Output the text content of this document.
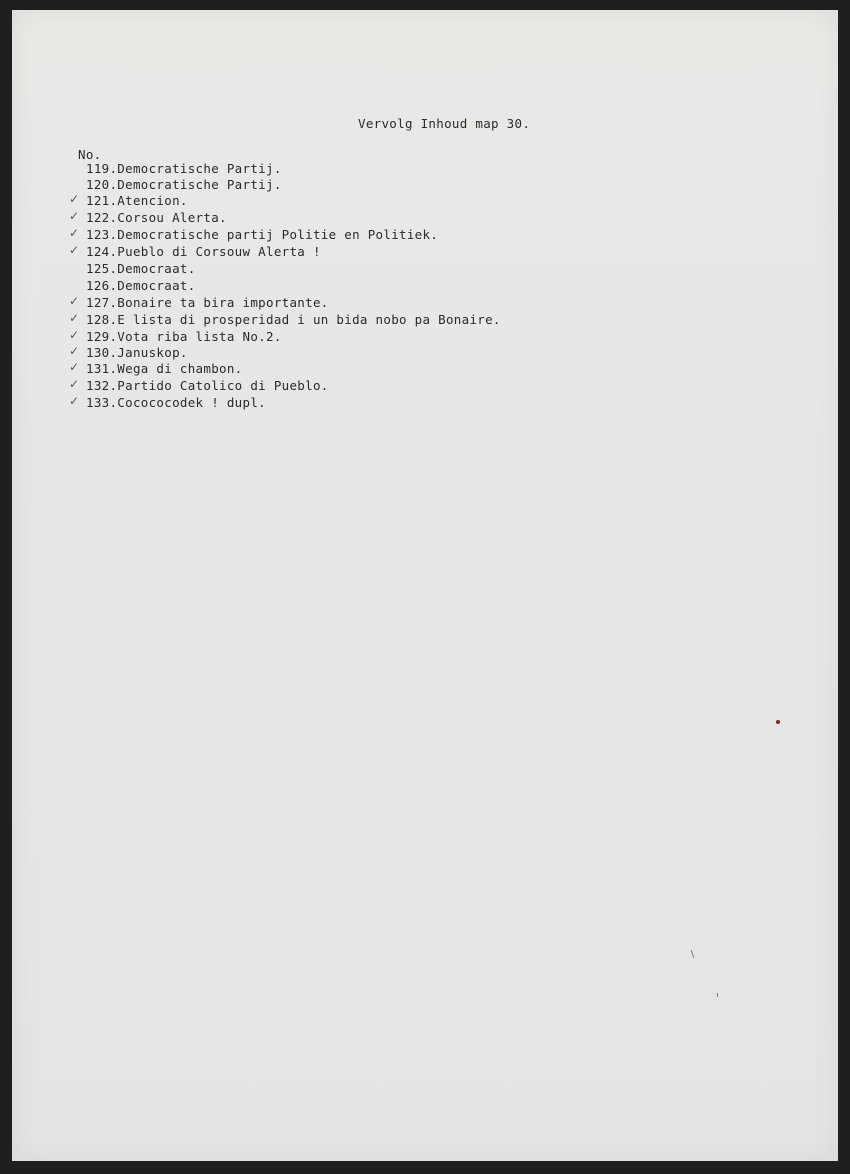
Vervolg Inhoud map 30.
No.
119.Democratische Partij.
120.Democratische Partij.
✓ 121.Atencion.
✓ 122.Corsou Alerta.
✓ 123.Democratische partij Politie en Politiek.
✓ 124.Pueblo di Corsouw Alerta !
125.Democraat.
126.Democraat.
✓ 127.Bonaire ta bira importante.
✓ 128.E lista di prosperidad i un bida nobo pa Bonaire.
✓ 129.Vota riba lista No.2.
✓ 130.Januskop.
✓ 131.Wega di chambon.
✓ 132.Partido Catolico di Pueblo.
✓ 133.Cocococodek ! dupl.
